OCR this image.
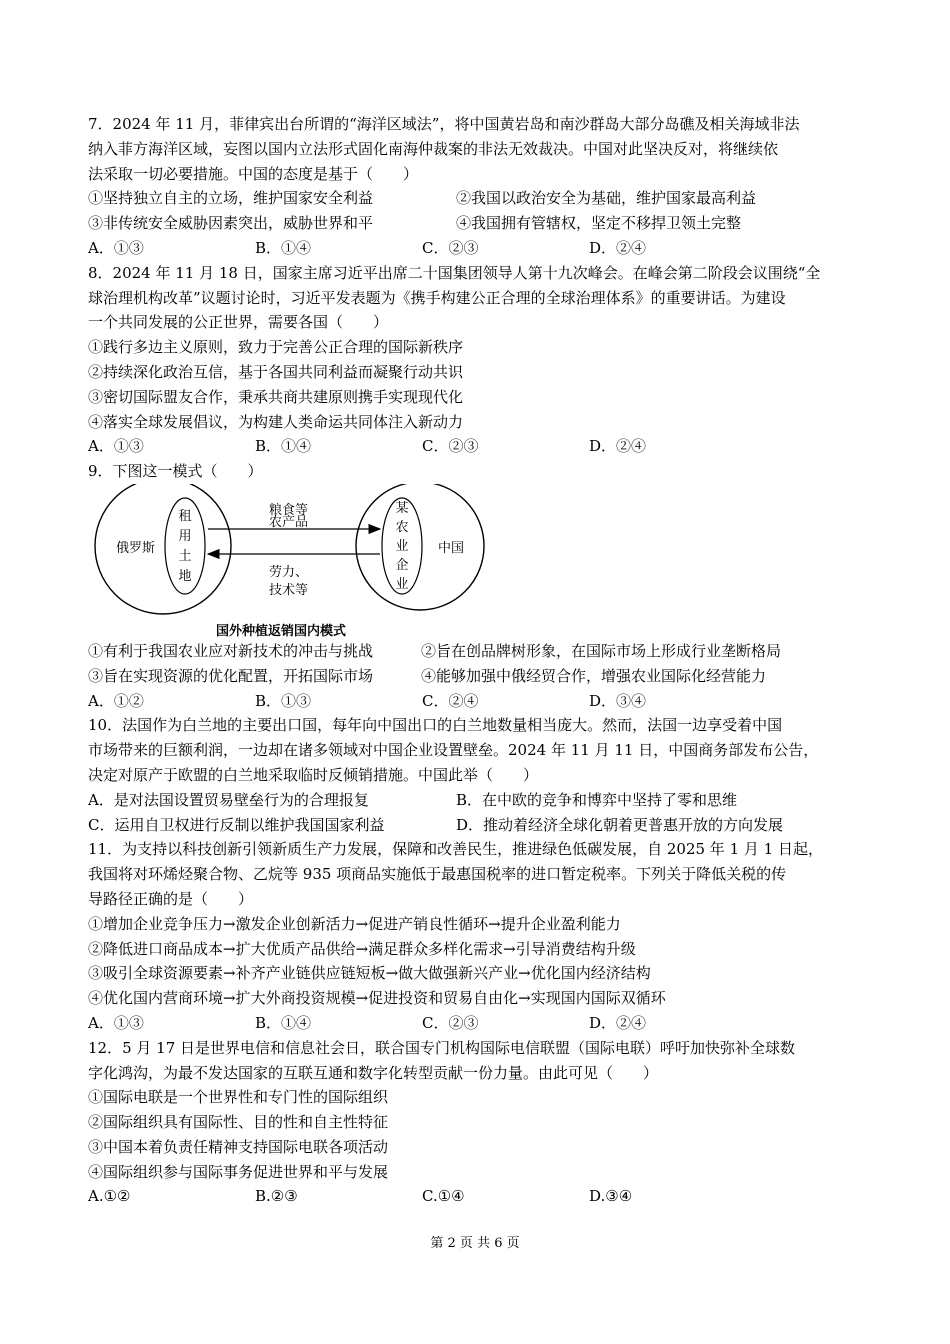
7．2024 年 11 月，菲律宾出台所谓的“海洋区域法”，将中国黄岩岛和南沙群岛大部分岛礁及相关海域非法
纳入菲方海洋区域，妄图以国内立法形式固化南海仲裁案的非法无效裁决。中国对此坚决反对，将继续依
法采取一切必要措施。中国的态度是基于（　　）
①坚持独立自主的立场，维护国家安全利益	②我国以政治安全为基础，维护国家最高利益
③非传统安全威胁因素突出，威胁世界和平	④我国拥有管辖权，坚定不移捍卫领土完整
A．①③	B．①④	C．②③	D．②④
8．2024 年 11 月 18 日，国家主席习近平出席二十国集团领导人第十九次峰会。在峰会第二阶段会议围绕“全
球治理机构改革”议题讨论时，习近平发表题为《携手构建公正合理的全球治理体系》的重要讲话。为建设
一个共同发展的公正世界，需要各国（　　）
①践行多边主义原则，致力于完善公正合理的国际新秩序
②持续深化政治互信，基于各国共同利益而凝聚行动共识
③密切国际盟友合作，秉承共商共建原则携手实现现代化
④落实全球发展倡议，为构建人类命运共同体注入新动力
A．①③	B．①④	C．②③	D．②④
9．下图这一模式（　　）
俄罗斯	中国
粮食等
农产品
劳力、
技术等
租
用
土
地
某
农
业
企
业
国外种植返销国内模式
①有利于我国农业应对新技术的冲击与挑战	②旨在创品牌树形象，在国际市场上形成行业垄断格局
③旨在实现资源的优化配置，开拓国际市场	④能够加强中俄经贸合作，增强农业国际化经营能力
A．①②	B．①③	C．②④	D．③④
10．法国作为白兰地的主要出口国，每年向中国出口的白兰地数量相当庞大。然而，法国一边享受着中国
市场带来的巨额利润，一边却在诸多领域对中国企业设置壁垒。2024 年 11 月 11 日，中国商务部发布公告，
决定对原产于欧盟的白兰地采取临时反倾销措施。中国此举（　　）
A．是对法国设置贸易壁垒行为的合理报复	B．在中欧的竞争和博弈中坚持了零和思维
C．运用自卫权进行反制以维护我国国家利益	D．推动着经济全球化朝着更普惠开放的方向发展
11．为支持以科技创新引领新质生产力发展，保障和改善民生，推进绿色低碳发展，自 2025 年 1 月 1 日起，
我国将对环烯烃聚合物、乙烷等 935 项商品实施低于最惠国税率的进口暂定税率。下列关于降低关税的传
导路径正确的是（　　）
①增加企业竞争压力→激发企业创新活力→促进产销良性循环→提升企业盈利能力
②降低进口商品成本→扩大优质产品供给→满足群众多样化需求→引导消费结构升级
③吸引全球资源要素→补齐产业链供应链短板→做大做强新兴产业→优化国内经济结构
④优化国内营商环境→扩大外商投资规模→促进投资和贸易自由化→实现国内国际双循环
A．①③	B．①④	C．②③	D．②④
12．5 月 17 日是世界电信和信息社会日，联合国专门机构国际电信联盟（国际电联）呼吁加快弥补全球数
字化鸿沟，为最不发达国家的互联互通和数字化转型贡献一份力量。由此可见（　　）
①国际电联是一个世界性和专门性的国际组织
②国际组织具有国际性、目的性和自主性特征
③中国本着负责任精神支持国际电联各项活动
④国际组织参与国际事务促进世界和平与发展
A.①②	B.②③	C.①④	D.③④
第 2 页 共 6 页
